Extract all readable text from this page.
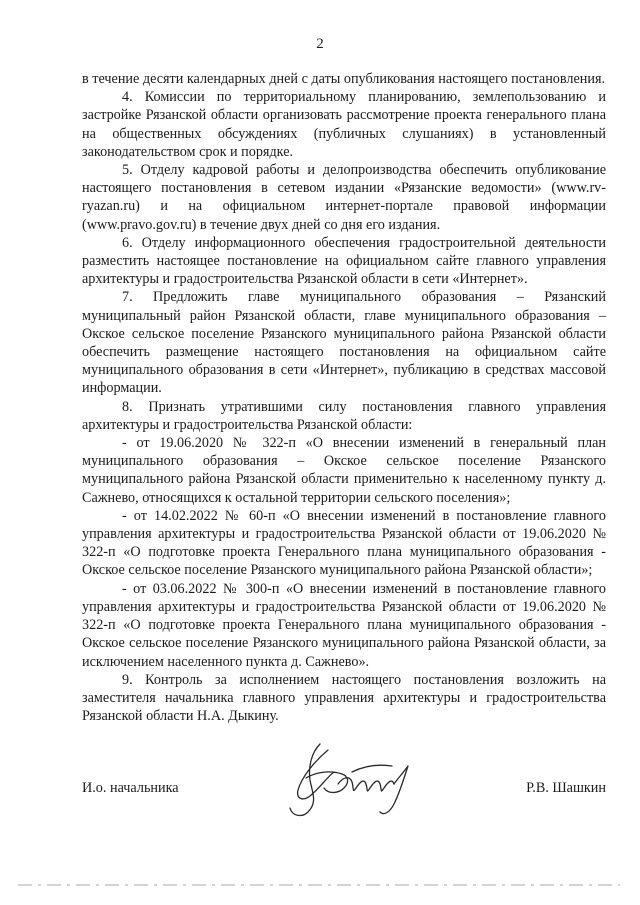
2

в течение десяти календарных дней с даты опубликования настоящего постановления.

4. Комиссии по территориальному планированию, землепользованию и застройке Рязанской области организовать рассмотрение проекта генерального плана на общественных обсуждениях (публичных слушаниях) в установленный законодательством срок и порядке.

5. Отделу кадровой работы и делопроизводства обеспечить опубликование настоящего постановления в сетевом издании «Рязанские ведомости» (www.rv-ryazan.ru) и на официальном интернет-портале правовой информации (www.pravo.gov.ru) в течение двух дней со дня его издания.

6. Отделу информационного обеспечения градостроительной деятельности разместить настоящее постановление на официальном сайте главного управления архитектуры и градостроительства Рязанской области в сети «Интернет».

7. Предложить главе муниципального образования – Рязанский муниципальный район Рязанской области, главе муниципального образования – Окское сельское поселение Рязанского муниципального района Рязанской области обеспечить размещение настоящего постановления на официальном сайте муниципального образования в сети «Интернет», публикацию в средствах массовой информации.

8. Признать утратившими силу постановления главного управления архитектуры и градостроительства Рязанской области:

- от 19.06.2020 № 322-п «О внесении изменений в генеральный план муниципального образования – Окское сельское поселение Рязанского муниципального района Рязанской области применительно к населенному пункту д. Сажнево, относящихся к остальной территории сельского поселения»;

- от 14.02.2022 № 60-п «О внесении изменений в постановление главного управления архитектуры и градостроительства Рязанской области от 19.06.2020 № 322-п «О подготовке проекта Генерального плана муниципального образования - Окское сельское поселение Рязанского муниципального района Рязанской области»;

- от 03.06.2022 № 300-п «О внесении изменений в постановление главного управления архитектуры и градостроительства Рязанской области от 19.06.2020 № 322-п «О подготовке проекта Генерального плана муниципального образования - Окское сельское поселение Рязанского муниципального района Рязанской области, за исключением населенного пункта д. Сажнево».

9. Контроль за исполнением настоящего постановления возложить на заместителя начальника главного управления архитектуры и градостроительства Рязанской области Н.А. Дыкину.

И.о. начальника	Р.В. Шашкин
